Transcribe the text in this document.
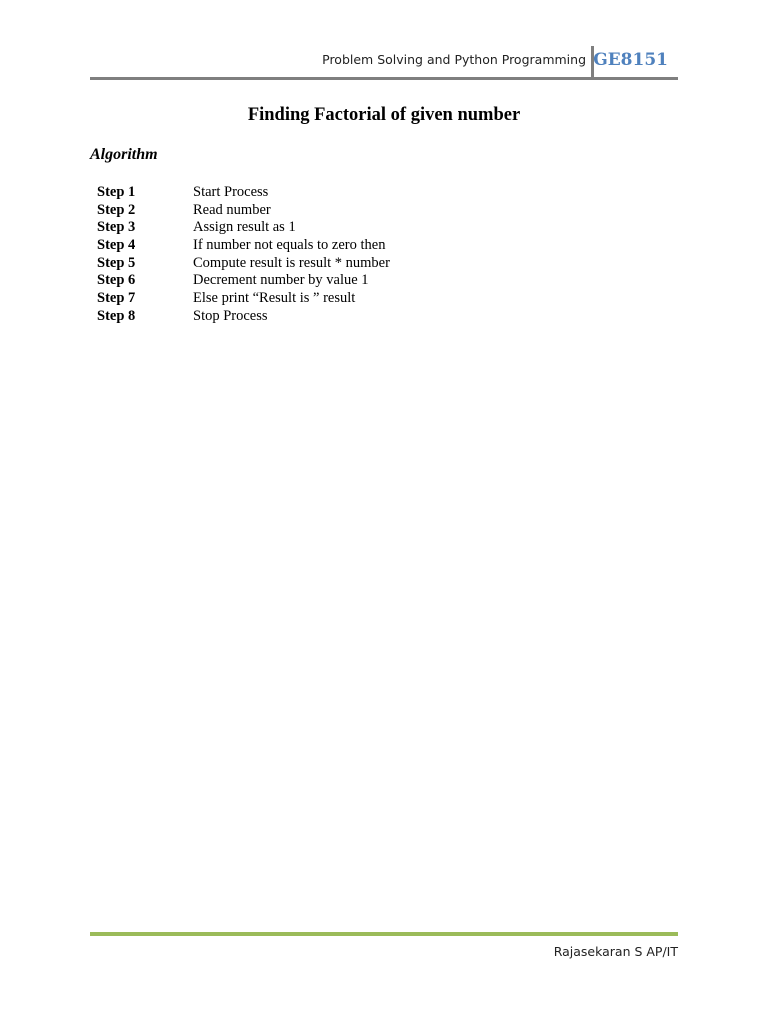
Problem Solving and Python Programming GE8151
Finding Factorial of given number
Algorithm
Step 1	Start Process
Step 2	Read number
Step 3	Assign result as 1
Step 4	If number not equals to zero then
Step 5	Compute result is result * number
Step 6	Decrement number by value 1
Step 7	Else print “Result is ” result
Step 8	Stop Process
Rajasekaran S AP/IT
